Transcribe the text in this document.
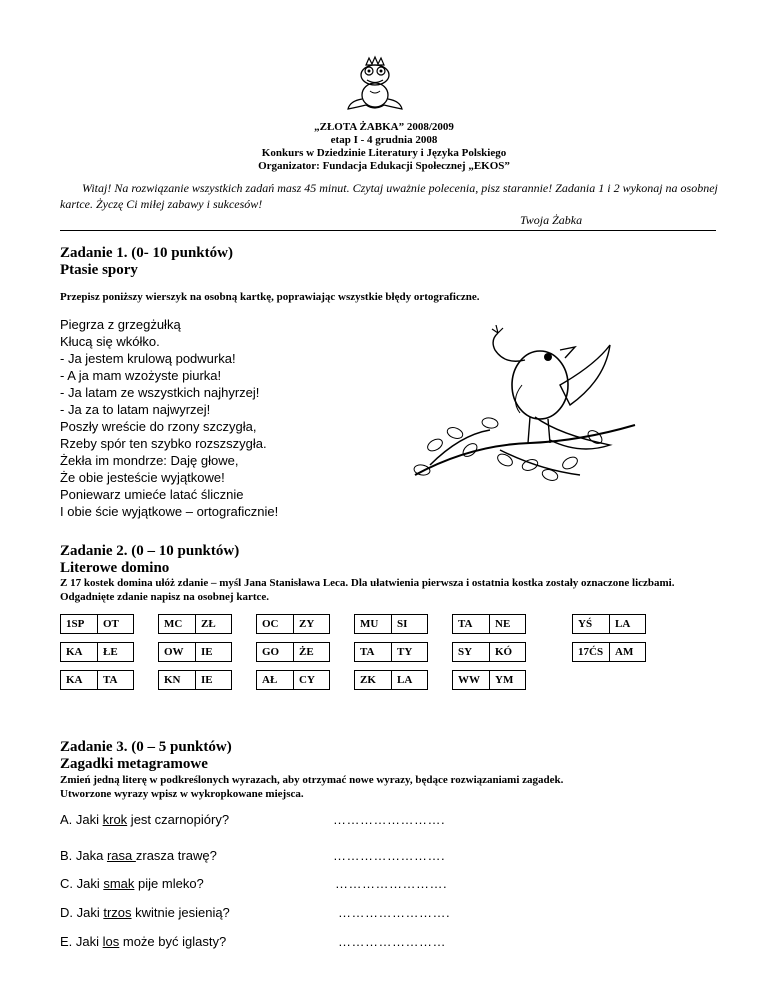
„ZŁOTA ŻABKA” 2008/2009
etap I - 4 grudnia 2008
Konkurs w Dziedzinie Literatury i Języka Polskiego
Organizator: Fundacja Edukacji Społecznej „EKOS”

Witaj! Na rozwiązanie wszystkich zadań masz 45 minut. Czytaj uważnie polecenia, pisz starannie! Zadania 1 i 2 wykonaj na osobnej kartce. Życzę Ci miłej zabawy i sukcesów!

Twoja Żabka
Zadanie 1. (0- 10 punktów)
Ptasie spory
Przepisz poniższy wierszyk na osobną kartkę, poprawiając wszystkie błędy ortograficzne.
Piegrza z grzegżułką
Kłucą się wkółko.
- Ja jestem krulową podwurka!
- A ja mam wzożyste piurka!
- Ja latam ze wszystkich najhyrzej!
- Ja za to latam najwyrzej!
Poszły wreście do rzony szczygła,
Rzeby spór ten szybko rozszszygła.
Żekła im mondrze: Daję głowe,
Że obie jesteście wyjątkowe!
Poniewarz umieće latać ślicznie
I obie ście wyjątkowe – ortograficznie!
Zadanie 2. (0 – 10 punktów)
Literowe domino
Z 17 kostek domina ułóż zdanie – myśl Jana Stanisława Leca. Dla ułatwienia pierwsza i ostatnia kostka zostały oznaczone liczbami. Odgadnięte zdanie napisz na osobnej kartce.
1SP	OT	MC	ZŁ	OC	ZY	MU	SI	TA	NE	YŚ	LA
KA	ŁE	OW	IE	GO	ŻE	TA	TY	SY	KÓ	17ĆS	AM
KA	TA	KN	IE	AŁ	CY	ZK	LA	WW	YM
Zadanie 3. (0 – 5 punktów)
Zagadki metagramowe
Zmień jedną literę w podkreślonych wyrazach, aby otrzymać nowe wyrazy, będące rozwiązaniami zagadek.
Utworzone wyrazy wpisz w wykropkowane miejsca.
A. Jaki krok jest czarnopióry?	…………………….
B. Jaka rasa zrasza trawę?	…………………….
C. Jaki smak pije mleko?	…………………….
D. Jaki trzos kwitnie jesienią?	…………………….
E. Jaki los może być iglasty?	……………………
